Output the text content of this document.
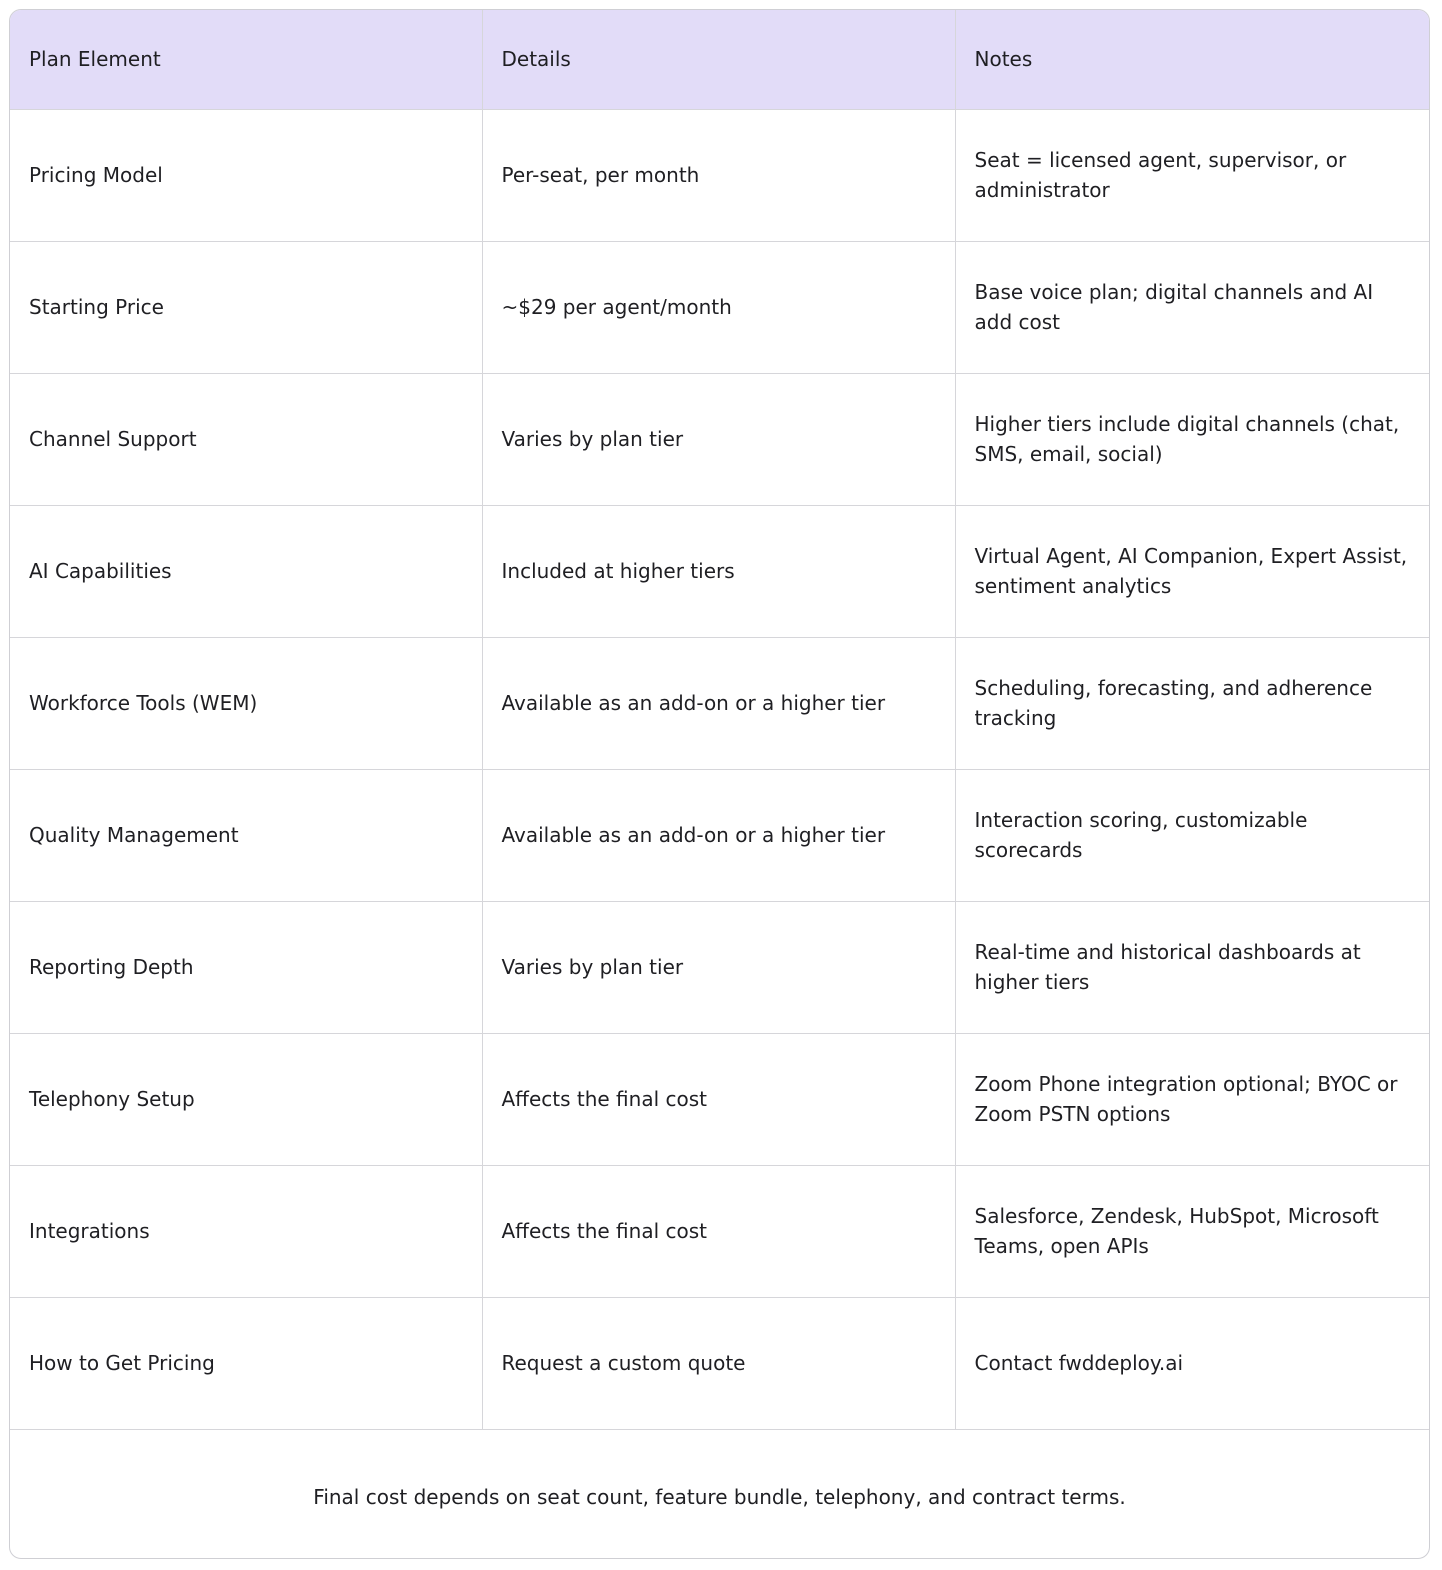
Plan Element	Details	Notes
Pricing Model	Per-seat, per month	Seat = licensed agent, supervisor, or administrator
Starting Price	~$29 per agent/month	Base voice plan; digital channels and AI add cost
Channel Support	Varies by plan tier	Higher tiers include digital channels (chat, SMS, email, social)
AI Capabilities	Included at higher tiers	Virtual Agent, AI Companion, Expert Assist, sentiment analytics
Workforce Tools (WEM)	Available as an add-on or a higher tier	Scheduling, forecasting, and adherence tracking
Quality Management	Available as an add-on or a higher tier	Interaction scoring, customizable scorecards
Reporting Depth	Varies by plan tier	Real-time and historical dashboards at higher tiers
Telephony Setup	Affects the final cost	Zoom Phone integration optional; BYOC or Zoom PSTN options
Integrations	Affects the final cost	Salesforce, Zendesk, HubSpot, Microsoft Teams, open APIs
How to Get Pricing	Request a custom quote	Contact fwddeploy.ai
Final cost depends on seat count, feature bundle, telephony, and contract terms.		
